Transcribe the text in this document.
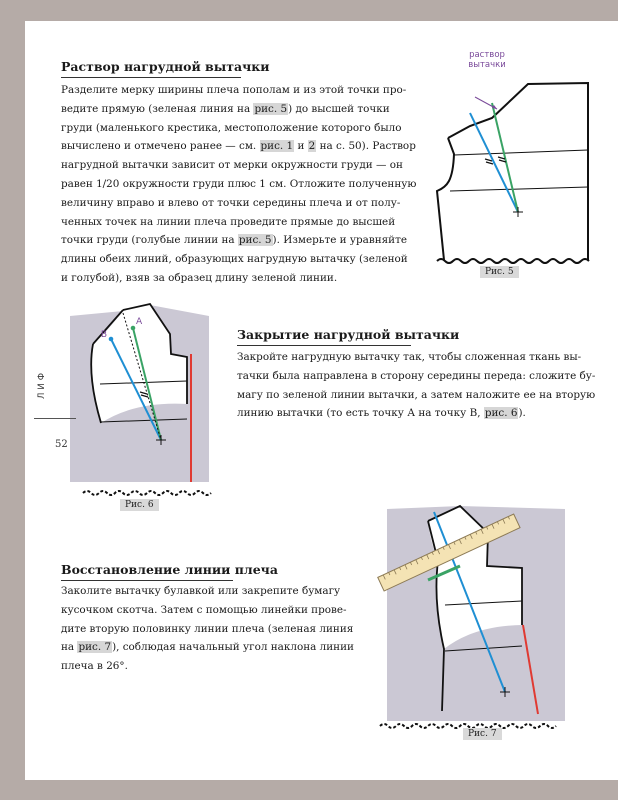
Раствор нагрудной вытачки
Разделите мерку ширины плеча пополам и из этой точки про-
ведите прямую (зеленая линия на рис. 5) до высшей точки
груди (маленького крестика, местоположение которого было
вычислено и отмечено ранее — см. рис. 1 и 2 на с. 50). Раствор
нагрудной вытачки зависит от мерки окружности груди — он
равен 1/20 окружности груди плюс 1 см. Отложите полученную
величину вправо и влево от точки середины плеча и от полу-
ченных точек на линии плеча проведите прямые до высшей
точки груди (голубые линии на рис. 5). Измерьте и уравняйте
длины обеих линий, образующих нагрудную вытачку (зеленой
и голубой), взяв за образец длину зеленой линии.
раствор
вытачки
В
А
Рис. 5
Закрытие нагрудной вытачки
Закройте нагрудную вытачку так, чтобы сложенная ткань вы-
тачки была направлена в сторону середины переда: сложите бу-
магу по зеленой линии вытачки, а затем наложите ее на вторую
линию вытачки (то есть точку А на точку В, рис. 6).
Рис. 6
Восстановление линии плеча
Заколите вытачку булавкой или закрепите бумагу
кусочком скотча. Затем с помощью линейки прове-
дите вторую половинку линии плеча (зеленая линия
на рис. 7), соблюдая начальный угол наклона линии
плеча в 26°.
Рис. 7
ЛИФ
52
